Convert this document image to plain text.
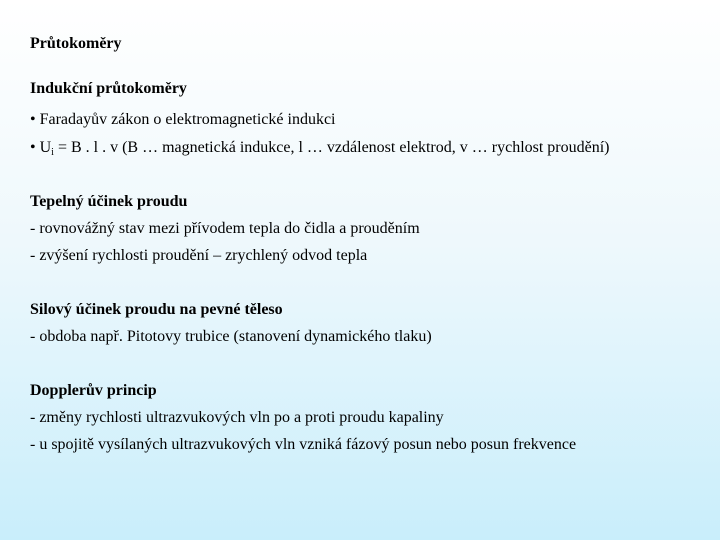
Průtokoměry
Indukční průtokoměry
• Faradayův zákon o elektromagnetické indukci
• $U_i = B$ . l . v (B … magnetická indukce, l … vzdálenost elektrod, v … rychlost proudění)
Tepelný účinek proudu
- rovnovážný stav mezi přívodem tepla do čidla a prouděním
- zvýšení rychlosti proudění – zrychlený odvod tepla
Silový účinek proudu na pevné těleso
- obdoba např. Pitotovy trubice (stanovení dynamického tlaku)
Dopplerův princip
- změny rychlosti ultrazvukových vln po a proti proudu kapaliny
- u spojitě vysílaných ultrazvukových vln vzniká fázový posun nebo posun frekvence
